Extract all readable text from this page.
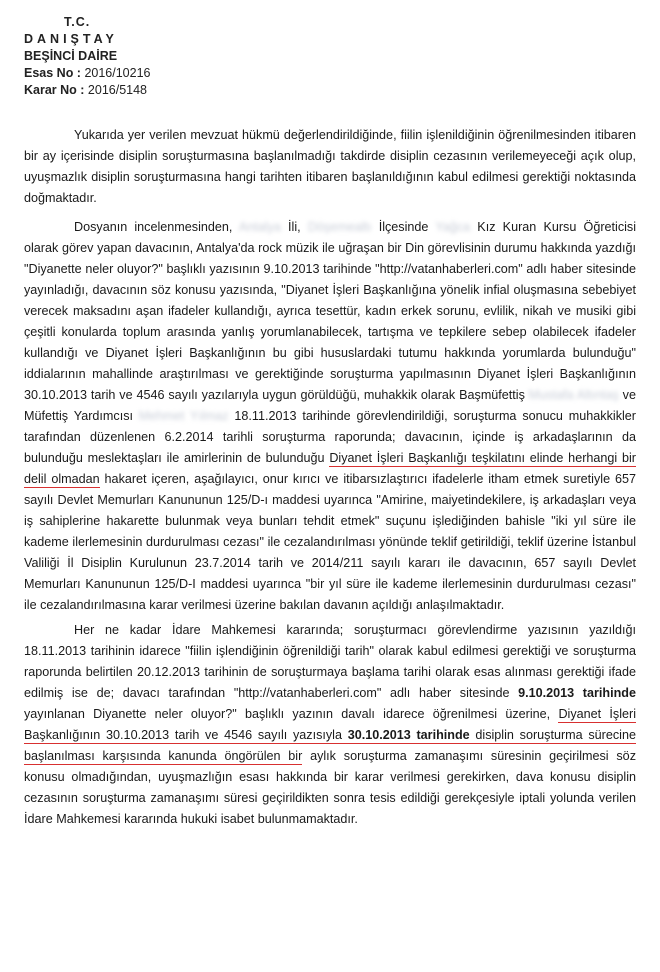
T.C.
DANIŞTAY
BEŞİNCİ DAİRE
Esas No : 2016/10216
Karar No : 2016/5148

Yukarıda yer verilen mevzuat hükmü değerlendirildiğinde, fiilin işlenildiğinin öğrenilmesinden itibaren bir ay içerisinde disiplin soruşturmasına başlanılmadığı takdirde disiplin cezasının verilemeyeceği açık olup, uyuşmazlık disiplin soruşturmasına hangi tarihten itibaren başlanıldığının kabul edilmesi gerektiği noktasında doğmaktadır.

Dosyanın incelenmesinden, Antalya İli, Döşemealtı İlçesinde Yağca Kız Kuran Kursu Öğreticisi olarak görev yapan davacının, Antalya'da rock müzik ile uğraşan bir Din görevlisinin durumu hakkında yazdığı "Diyanette neler oluyor?" başlıklı yazısının 9.10.2013 tarihinde "http://vatanhaberleri.com" adlı haber sitesinde yayınladığı, davacının söz konusu yazısında, "Diyanet İşleri Başkanlığına yönelik infial oluşmasına sebebiyet verecek maksadını aşan ifadeler kullandığı, ayrıca tesettür, kadın erkek sorunu, evlilik, nikah ve musiki gibi çeşitli konularda toplum arasında yanlış yorumlanabilecek, tartışma ve tepkilere sebep olabilecek ifadeler kullandığı ve Diyanet İşleri Başkanlığının bu gibi hususlardaki tutumu hakkında yorumlarda bulunduğu" iddialarının mahallinde araştırılması ve gerektiğinde soruşturma yapılmasının Diyanet İşleri Başkanlığının 30.10.2013 tarih ve 4546 sayılı yazılarıyla uygun görüldüğü, muhakkik olarak Başmüfettiş Mustafa Altıntaş ve Müfettiş Yardımcısı Mehmet Yılmaz 18.11.2013 tarihinde görevlendirildiği, soruşturma sonucu muhakkikler tarafından düzenlenen 6.2.2014 tarihli soruşturma raporunda; davacının, içinde iş arkadaşlarının da bulunduğu meslektaşları ile amirlerinin de bulunduğu Diyanet İşleri Başkanlığı teşkilatını elinde herhangi bir delil olmadan hakaret içeren, aşağılayıcı, onur kırıcı ve itibarsızlaştırıcı ifadelerle itham etmek suretiyle 657 sayılı Devlet Memurları Kanununun 125/D-ı maddesi uyarınca "Amirine, maiyetindekilere, iş arkadaşları veya iş sahiplerine hakarette bulunmak veya bunları tehdit etmek" suçunu işlediğinden bahisle "iki yıl süre ile kademe ilerlemesinin durdurulması cezası" ile cezalandırılması yönünde teklif getirildiği, teklif üzerine İstanbul Valiliği İl Disiplin Kurulunun 23.7.2014 tarih ve 2014/211 sayılı kararı ile davacının, 657 sayılı Devlet Memurları Kanununun 125/D-I maddesi uyarınca "bir yıl süre ile kademe ilerlemesinin durdurulması cezası" ile cezalandırılmasına karar verilmesi üzerine bakılan davanın açıldığı anlaşılmaktadır.

Her ne kadar İdare Mahkemesi kararında; soruşturmacı görevlendirme yazısının yazıldığı 18.11.2013 tarihinin idarece "fiilin işlendiğinin öğrenildiği tarih" olarak kabul edilmesi gerektiği ve soruşturma raporunda belirtilen 20.12.2013 tarihinin de soruşturmaya başlama tarihi olarak esas alınması gerektiği ifade edilmiş ise de; davacı tarafından "http://vatanhaberleri.com" adlı haber sitesinde 9.10.2013 tarihinde yayınlanan Diyanette neler oluyor?" başlıklı yazının davalı idarece öğrenilmesi üzerine, Diyanet İşleri Başkanlığının 30.10.2013 tarih ve 4546 sayılı yazısıyla 30.10.2013 tarihinde disiplin soruşturma sürecine başlanılması karşısında kanunda öngörülen bir aylık soruşturma zamanaşımı süresinin geçirilmesi söz konusu olmadığından, uyuşmazlığın esası hakkında bir karar verilmesi gerekirken, dava konusu disiplin cezasının soruşturma zamanaşımı süresi geçirildikten sonra tesis edildiği gerekçesiyle iptali yolunda verilen İdare Mahkemesi kararında hukuki isabet bulunmamaktadır.
